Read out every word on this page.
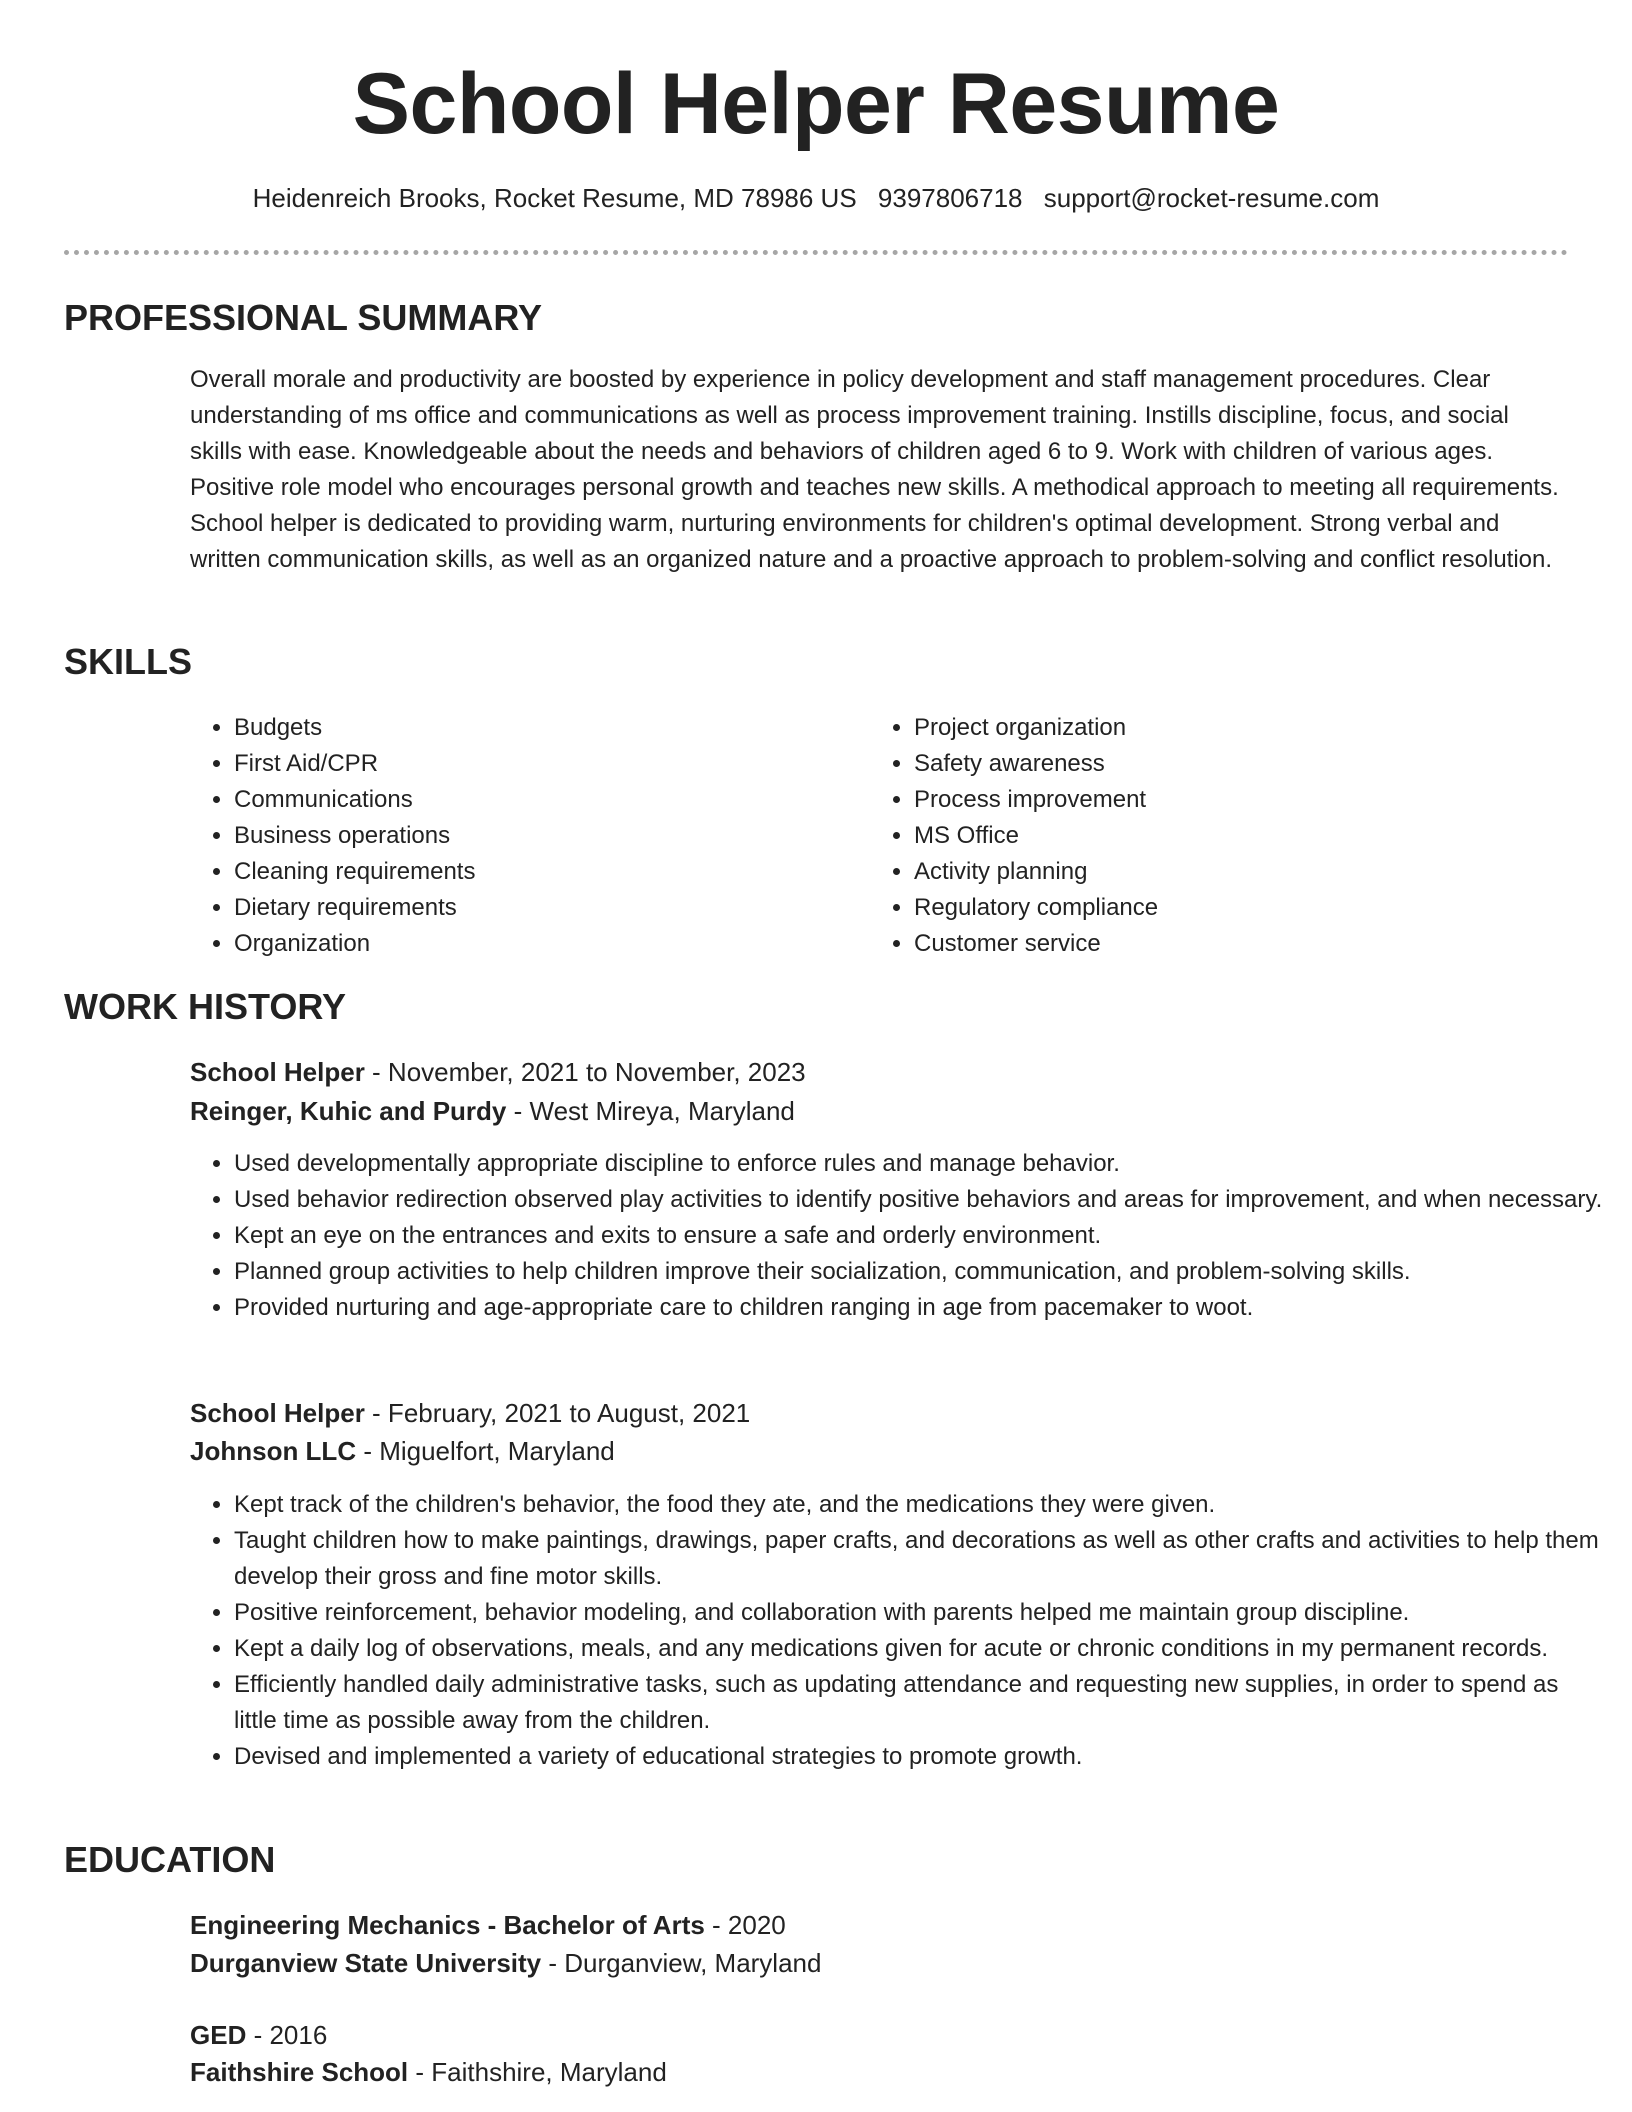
School Helper Resume
Heidenreich Brooks, Rocket Resume, MD 78986 US 9397806718 support@rocket-resume.com
PROFESSIONAL SUMMARY

Overall morale and productivity are boosted by experience in policy development and staff management procedures. Clear understanding of ms office and communications as well as process improvement training. Instills discipline, focus, and social skills with ease. Knowledgeable about the needs and behaviors of children aged 6 to 9. Work with children of various ages. Positive role model who encourages personal growth and teaches new skills. A methodical approach to meeting all requirements. School helper is dedicated to providing warm, nurturing environments for children's optimal development. Strong verbal and written communication skills, as well as an organized nature and a proactive approach to problem-solving and conflict resolution.

SKILLS
• Budgets
• First Aid/CPR
• Communications
• Business operations
• Cleaning requirements
• Dietary requirements
• Organization
• Project organization
• Safety awareness
• Process improvement
• MS Office
• Activity planning
• Regulatory compliance
• Customer service
WORK HISTORY
School Helper - November, 2021 to November, 2023
Reinger, Kuhic and Purdy - West Mireya, Maryland
• Used developmentally appropriate discipline to enforce rules and manage behavior.
• Used behavior redirection observed play activities to identify positive behaviors and areas for improvement, and when necessary.
• Kept an eye on the entrances and exits to ensure a safe and orderly environment.
• Planned group activities to help children improve their socialization, communication, and problem-solving skills.
• Provided nurturing and age-appropriate care to children ranging in age from pacemaker to woot.
School Helper - February, 2021 to August, 2021
Johnson LLC - Miguelfort, Maryland
• Kept track of the children's behavior, the food they ate, and the medications they were given.
• Taught children how to make paintings, drawings, paper crafts, and decorations as well as other crafts and activities to help them develop their gross and fine motor skills.
• Positive reinforcement, behavior modeling, and collaboration with parents helped me maintain group discipline.
• Kept a daily log of observations, meals, and any medications given for acute or chronic conditions in my permanent records.
• Efficiently handled daily administrative tasks, such as updating attendance and requesting new supplies, in order to spend as little time as possible away from the children.
• Devised and implemented a variety of educational strategies to promote growth.
EDUCATION
Engineering Mechanics - Bachelor of Arts - 2020
Durganview State University - Durganview, Maryland
GED - 2016
Faithshire School - Faithshire, Maryland
